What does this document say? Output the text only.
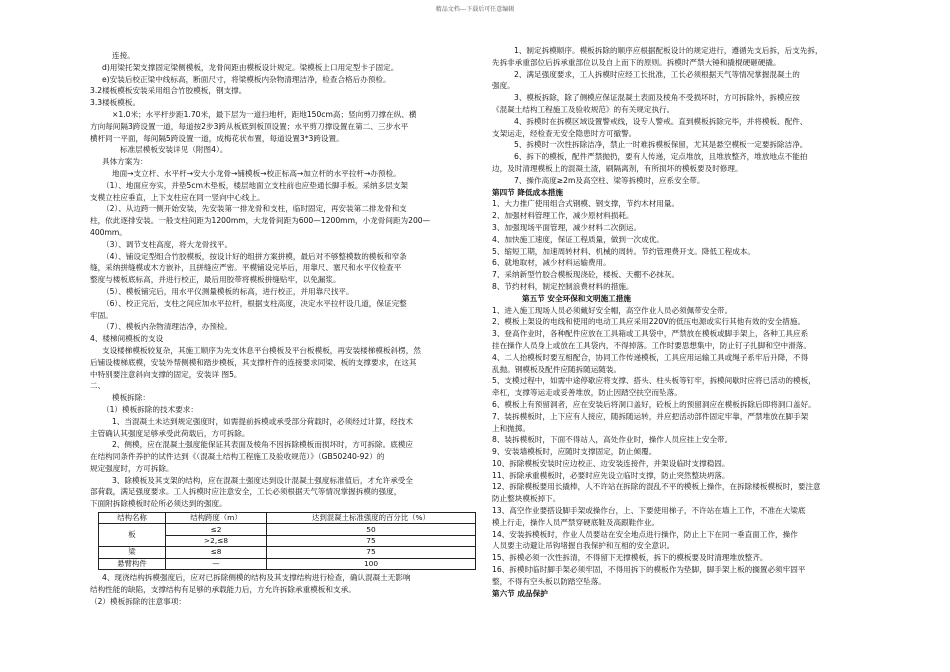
精品文档---下载后可任意编辑
连接。
d)用梁托架支撑固定梁侧模板，龙骨间距由模板设计规定。梁模板上口用定型卡子固定。
e)安装后校正梁中线标高，断面尺寸，将梁模板内杂物清理洁净，检查合格后办预检。
3.2楼板模板安装采用组合竹胶模板，钢支撑。
3.3楼板模板。
×1.0米；水平杆步距1.70米，最下层为一道扫地杆，距地150cm高；竖向剪刀撑在纵、横
方向每间隔3跨设置一道，每道按2步3跨从板底到板顶设置；水平剪刀撑设置在第二、三步水平
横杆同一平面，每间隔5跨设置一道，成梅花状布置，每道设置3*3跨设置。
标准层模板安装详见（附图4）。
具体方案为：
地面→支立杆、水平杆→安大小龙骨→铺模板→校正标高→加立杆的水平拉杆→办预检。
（1）、地面应夯实，并垫5cm木垫板，楼层地面立支柱前也应垫通长脚手板。采纳多层支架
支模立柱应垂直，上下支柱应在同一竖向中心线上。
（2）、从边跨一侧开始安装，先安装第一排龙骨和支柱，临时固定，再安装第二排龙骨和支
柱，依此逐排安装。一般支柱间距为1200mm，大龙骨间距为600—1200mm，小龙骨间距为200—
400mm。
（3）、调节支柱高度，将大龙骨找平。
（4）、铺设定型组合竹胶模板，按设计好的组拼方案拼模，最后对不够整模数的模板和窄条
缝，采纳拼缝模或木方嵌补，且拼缝应严密。平模铺设完毕后，用靠尺、塞尺和水平仪检查平
整度与楼板底标高，并进行校正，最后用胶带将模板拼缝贴牢，以免漏浆。
（5）、模板铺完后，用水平仪测量模板的标高，进行校正，并用靠尺找平。
（6）、校正完后，支柱之间应加水平拉杆，根据支柱高度，决定水平拉杆设几道，保证完整
牢固。
（7）、模板内杂物清理洁净，办预检。
4、楼梯间模板的支设
支设楼梯模板较复杂，其施工顺序为先支休息平台模板及平台板模板，再安装楼梯模板斜楞，然
后铺设楼梯底模，安装外帮侧模和踏步模板，其支撑杆件的连接要求同梁、板的支撑要求，在这其
中特别要注意斜向支撑的固定，安装详 图5。
二、
模板拆除：
（1）模板拆除的技术要求：
1、当混凝土未达到规定强度时，如需提前拆模或承受部分荷载时，必须经过计算，经技术
主管确认其强度足够承受此荷载后，方可拆除。
2、侧模，应在混凝土强度能保证其表面及棱角不因拆除模板而损坏时，方可拆除。底模应
在结构同条件养护的试件达到《（混凝土结构工程施工及验收规范）》（GB50240-92）的
规定强度时，方可拆除。
3、除模板及其支架的结构，应在混凝土强度达到设计混凝土强度标准值后，才允许承受全
部荷载，满足强度要求。工人拆模时应注意安全，工长必须根据天气等情况掌握拆模的强度，
下面附拆除模板时砼所必须达到的强度。
结构名称	结构跨度（m）	达到混凝土标准强度的百分比（%）
板	≤2	50
	>2,≤8	75
梁	≤8	75
悬臂构件	—	100
4、现浇结构拆模强度后，应对已拆除侧模的结构及其支撑结构进行检查，确认混凝土无影响
结构性能的缺陷，支撑结构有足够的承载能力后，方允许拆除承重模板和支承。
（2）模板拆除的注意事项：
1、制定拆模顺序。模板拆除的顺序应根据配板设计的规定进行，遵循先支后拆，后支先拆，
先拆非承重部位后拆承重部位以及自上而下的原则。拆模时严禁大锤和撬棍硬砸硬撬。
2、满足强度要求，工人拆模时应经工长批准，工长必须根据天气等情况掌握混凝土的
强度。
3、模板拆除，除了侧模应保证混凝土表面及棱角不受损坏时，方可拆除外，拆模应按
《混凝土结构工程施工及验收规范》的有关规定执行。
4、拆模时在拆模区域设置警戒线，设专人警戒。直到模板拆除完毕，并将模板、配件、
支架运走，经检查无安全隐患时方可撤警。
5、拆模时一次性拆除洁净，禁止一时难拆模板保留，尤其是悬空模板一定要拆除洁净。
6、拆下的模板，配件严禁抛扔，要有人传递，定点堆放，且堆放整齐，堆放地点不能拍
边，及时清理模板上的混凝土渣，刷隔离剂，有所损坏的模板要及时修理。
7、操作高度≥2m及高空柱、梁等拆模时，应系安全带。
第四节 降低成本措施
1、大力推广使用组合式钢模、钢支撑，节约木材用量。
2、加强材料管理工作，减少原材料损耗。
3、加强现场平面管理，减少材料二次倒运。
4、加快施工速度，保证工程质量，做到一次成优。
5、缩短工期，加速周转材料、机械的周转。节约管理费开支。降低工程成本。
6、就地取材，减少材料运输费用。
7、采纳新型竹胶合模板现浇砼，楼板、天棚不必抹灰。
8、节约材料，制定控制浪费材料的措施。
第五节 安全环保和文明施工措施
1、进入施工现场人员必须戴好安全帽，高空作业人员必须佩带安全带。
2、模板上架设的电线和使用的电动工具应采用220V的低压电源或实行其他有效的安全措施。
3、登高作业时，各种配件应放在工具箱或工具袋中，严禁放在模板或脚手架上，各种工具应系
挂在操作人员身上或放在工具袋内，不得掉落。工作时要思想集中，防止钉子扎脚和空中滑落。
4、二人抬模板时要互相配合，协同工作传递模板，工具应用运输工具或绳子系牢后升降，不得
乱抛。钢模板及配件应随拆随运随装。
5、支模过程中，如需中途停歇应将支撑、搭头、柱头板等钉牢，拆模间歇时应将已活动的模板，
牵杠，支撑等运走或妥善堆放，防止因踏空扶空而坠落。
6、模板上有预留洞者，应在安装后将洞口盖好，砼板上的预留洞应在模板拆除后即将洞口盖好。
7、装拆模板时，上下应有人接应，随拆随运转，并应把活动部件固定牢靠，严禁堆放在脚手架
上和抛掷。
8、装拆模板时，下面不得站人，高处作业时，操作人员应挂上安全带。
9、安装墙模板时，应随时支撑固定，防止倾覆。
10、拆除模板安装时应边校正、边安装连接件，并架设临时支撑稳固。
11、拆除承重模板时，必要时应先设立临时支撑，防止突然整块坍落。
12、拆除模板要用长撬棒，人不许站在拆除的混乱不平的模板上操作，在拆除楼板模板时，要注意
防止整块模板掉下。
13、高空作业要搭设脚手架或操作台，上、下要使用梯子，不许站在墙上工作，不准在大梁底
模上行走，操作人员严禁穿硬底鞋及高跟鞋作业。
14、安装拆模板时，作业人员要站在安全地点进行操作，防止上下在同一垂直面工作，操作
人员要主动避让吊钩堵握自我保护和互相的安全意识。
15、拆模必须一次性拆清，不得留下无撑模板，拆下的模板要及时清理堆放整齐。
16、拆模时临时脚手架必须牢固，不得用拆下的模板作为垫脚，脚手架上板的搁置必须牢固平
整，不得有空头板以防踏空坠落。
第六节 成品保护
